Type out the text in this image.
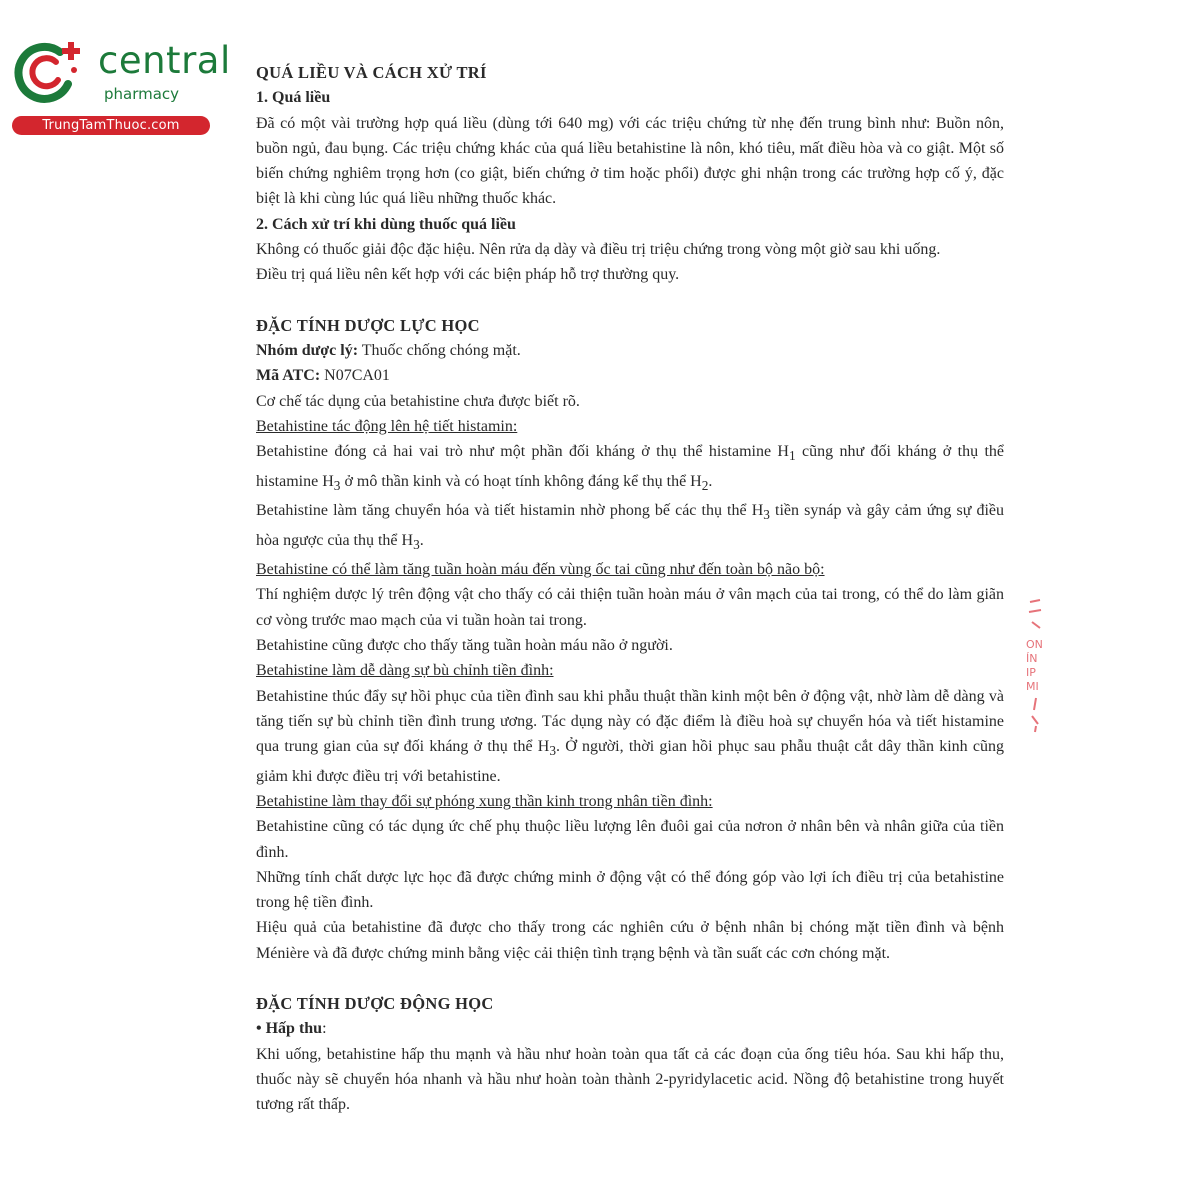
central
pharmacy
TrungTamThuoc.com

QUÁ LIỀU VÀ CÁCH XỬ TRÍ

1. Quá liều

Đã có một vài trường hợp quá liều (dùng tới 640 mg) với các triệu chứng từ nhẹ đến trung bình như: Buồn nôn, buồn ngủ, đau bụng. Các triệu chứng khác của quá liều betahistine là nôn, khó tiêu, mất điều hòa và co giật. Một số biến chứng nghiêm trọng hơn (co giật, biến chứng ở tim hoặc phổi) được ghi nhận trong các trường hợp cố ý, đặc biệt là khi cùng lúc quá liều những thuốc khác.

2. Cách xử trí khi dùng thuốc quá liều

Không có thuốc giải độc đặc hiệu. Nên rửa dạ dày và điều trị triệu chứng trong vòng một giờ sau khi uống.

Điều trị quá liều nên kết hợp với các biện pháp hỗ trợ thường quy.

ĐẶC TÍNH DƯỢC LỰC HỌC

Nhóm dược lý: Thuốc chống chóng mặt.

Mã ATC: N07CA01

Cơ chế tác dụng của betahistine chưa được biết rõ.

Betahistine tác động lên hệ tiết histamin:

Betahistine đóng cả hai vai trò như một phần đối kháng ở thụ thể histamine $H_1$ cũng như đối kháng ở thụ thể histamine $H_3$ ở mô thần kinh và có hoạt tính không đáng kể thụ thể $H_2$.

Betahistine làm tăng chuyển hóa và tiết histamin nhờ phong bế các thụ thể $H_3$ tiền synáp và gây cảm ứng sự điều hòa ngược của thụ thể $H_3$.

Betahistine có thể làm tăng tuần hoàn máu đến vùng ốc tai cũng như đến toàn bộ não bộ:

Thí nghiệm dược lý trên động vật cho thấy có cải thiện tuần hoàn máu ở vân mạch của tai trong, có thể do làm giãn cơ vòng trước mao mạch của vi tuần hoàn tai trong.

Betahistine cũng được cho thấy tăng tuần hoàn máu não ở người.

Betahistine làm dễ dàng sự bù chỉnh tiền đình:

Betahistine thúc đẩy sự hồi phục của tiền đình sau khi phẫu thuật thần kinh một bên ở động vật, nhờ làm dễ dàng và tăng tiến sự bù chỉnh tiền đình trung ương. Tác dụng này có đặc điểm là điều hoà sự chuyển hóa và tiết histamine qua trung gian của sự đối kháng ở thụ thể $H_3$. Ở người, thời gian hồi phục sau phẫu thuật cắt dây thần kinh cũng giảm khi được điều trị với betahistine.

Betahistine làm thay đổi sự phóng xung thần kinh trong nhân tiền đình:

Betahistine cũng có tác dụng ức chế phụ thuộc liều lượng lên đuôi gai của nơron ở nhân bên và nhân giữa của tiền đình.

Những tính chất dược lực học đã được chứng minh ở động vật có thể đóng góp vào lợi ích điều trị của betahistine trong hệ tiền đình.

Hiệu quả của betahistine đã được cho thấy trong các nghiên cứu ở bệnh nhân bị chóng mặt tiền đình và bệnh Ménière và đã được chứng minh bằng việc cải thiện tình trạng bệnh và tần suất các cơn chóng mặt.

ĐẶC TÍNH DƯỢC ĐỘNG HỌC

• Hấp thu:

Khi uống, betahistine hấp thu mạnh và hầu như hoàn toàn qua tất cả các đoạn của ống tiêu hóa. Sau khi hấp thu, thuốc này sẽ chuyển hóa nhanh và hầu như hoàn toàn thành 2-pyridylacetic acid. Nồng độ betahistine trong huyết tương rất thấp.

ON
ÍN
IP
MI
